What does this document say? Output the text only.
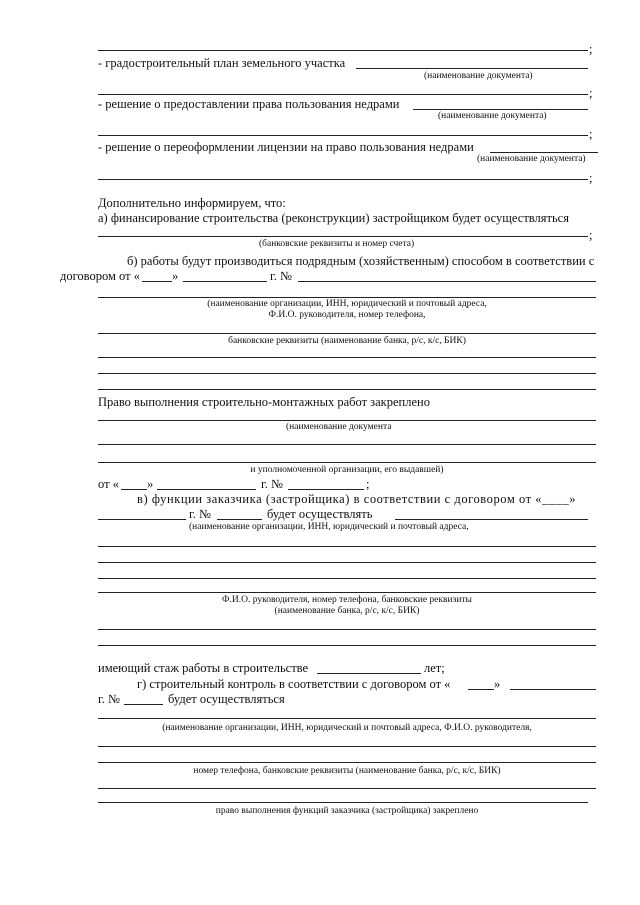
;
- градостроительный план земельного участка
(наименование документа)
;
- решение о предоставлении права пользования недрами
(наименование документа)
;
- решение о переоформлении лицензии на право пользования недрами
(наименование документа)
;
Дополнительно информируем, что:
а) финансирование строительства (реконструкции) застройщиком будет осуществляться
;
(банковские реквизиты и номер счета)
б) работы будут производиться подрядным (хозяйственным) способом в соответствии с
договором от «	»	г. №
(наименование организации, ИНН, юридический и почтовый адреса,
Ф.И.О. руководителя, номер телефона,
банковские реквизиты (наименование банка, р/с, к/с, БИК)
Право выполнения строительно-монтажных работ закреплено
(наименование документа
и уполномоченной организации, его выдавшей)
от « »	г. №	;
в) функции заказчика (застройщика) в соответствии с договором от «____»
г. №	будет осуществлять
(наименование организации, ИНН, юридический и почтовый адреса,
Ф.И.О. руководителя, номер телефона, банковские реквизиты
(наименование банка, р/с, к/с, БИК)
имеющий стаж работы в строительстве	лет;
г) строительный контроль в соответствии с договором от «	»
г. №	будет осуществляться
(наименование организации, ИНН, юридический и почтовый адреса, Ф.И.О. руководителя,
номер телефона, банковские реквизиты (наименование банка, р/с, к/с, БИК)
право выполнения функций заказчика (застройщика) закреплено
